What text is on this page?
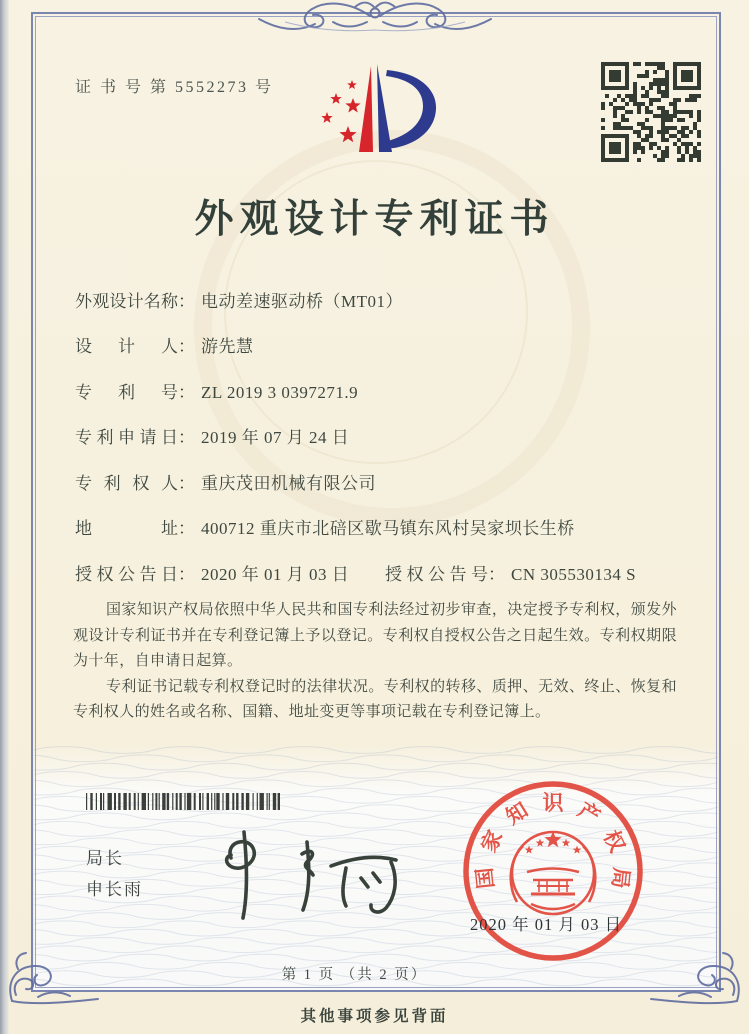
证 书 号 第 5552273 号
外观设计专利证书
外观设计名称： 电动差速驱动桥（MT01）
设计人： 游先慧
专利号： ZL 2019 3 0397271.9
专利申请日： 2019 年 07 月 24 日
专利权人： 重庆茂田机械有限公司
地址： 400712 重庆市北碚区歇马镇东风村吴家坝长生桥
授权公告日： 2020 年 01 月 03 日 授权公告号： CN 305530134 S

国家知识产权局依照中华人民共和国专利法经过初步审查，决定授予专利权，颁发外观设计专利证书并在专利登记簿上予以登记。专利权自授权公告之日起生效。专利权期限为十年，自申请日起算。

专利证书记载专利权登记时的法律状况。专利权的转移、质押、无效、终止、恢复和专利权人的姓名或名称、国籍、地址变更等事项记载在专利登记簿上。

局长
申长雨	国
家
知 识 产
权
局
2020 年 01 月 03 日
第 1 页 （共 2 页）
其他事项参见背面
